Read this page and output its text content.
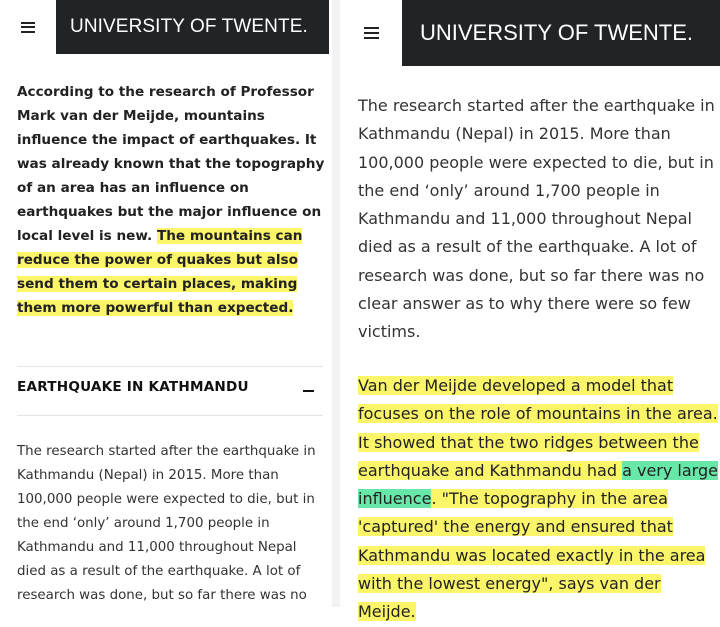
UNIVERSITY OF TWENTE.
According to the research of Professor Mark van der Meijde, mountains influence the impact of earthquakes. It was already known that the topography of an area has an influence on earthquakes but the major influence on local level is new. The mountains can reduce the power of quakes but also send them to certain places, making them more powerful than expected.
EARTHQUAKE IN KATHMANDU
The research started after the earthquake in Kathmandu (Nepal) in 2015. More than 100,000 people were expected to die, but in the end ‘only’ around 1,700 people in Kathmandu and 11,000 throughout Nepal died as a result of the earthquake. A lot of research was done, but so far there was no
UNIVERSITY OF TWENTE.
The research started after the earthquake in Kathmandu (Nepal) in 2015. More than 100,000 people were expected to die, but in the end ‘only’ around 1,700 people in Kathmandu and 11,000 throughout Nepal died as a result of the earthquake. A lot of research was done, but so far there was no clear answer as to why there were so few victims.
Van der Meijde developed a model that focuses on the role of mountains in the area. It showed that the two ridges between the earthquake and Kathmandu had a very large influence. "The topography in the area 'captured' the energy and ensured that Kathmandu was located exactly in the area with the lowest energy", says van der Meijde.
